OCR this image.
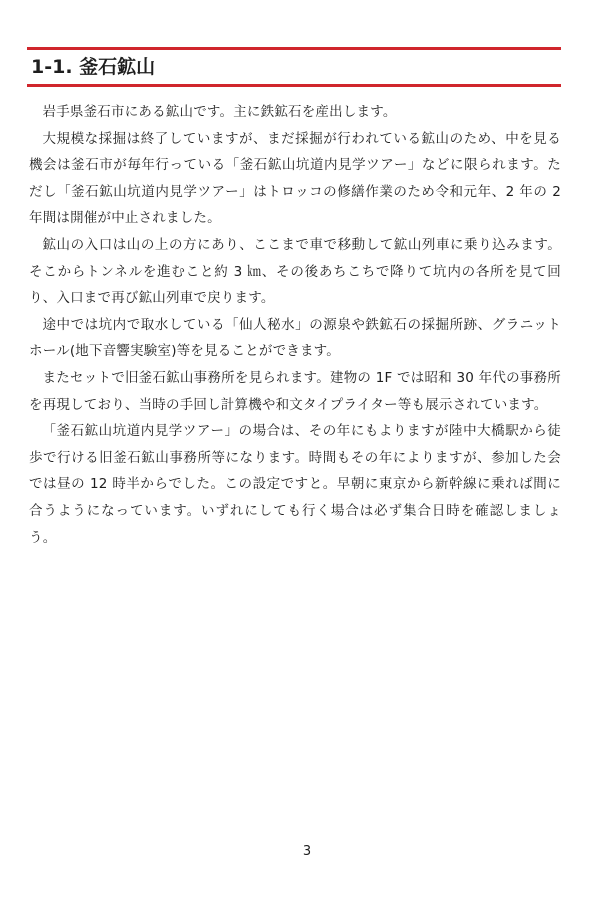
1-1. 釜石鉱山

岩手県釜石市にある鉱山です。主に鉄鉱石を産出します。

大規模な採掘は終了していますが、まだ採掘が行われている鉱山のため、中を見る機会は釜石市が毎年行っている「釜石鉱山坑道内見学ツアー」などに限られます。ただし「釜石鉱山坑道内見学ツアー」はトロッコの修繕作業のため令和元年、2 年の 2 年間は開催が中止されました。

鉱山の入口は山の上の方にあり、ここまで車で移動して鉱山列車に乗り込みます。そこからトンネルを進むこと約 3 ㎞、その後あちこちで降りて坑内の各所を見て回り、入口まで再び鉱山列車で戻ります。

途中では坑内で取水している「仙人秘水」の源泉や鉄鉱石の採掘所跡、グラニットホール(地下音響実験室)等を見ることができます。

またセットで旧釜石鉱山事務所を見られます。建物の 1F では昭和 30 年代の事務所を再現しており、当時の手回し計算機や和文タイプライター等も展示されています。

「釜石鉱山坑道内見学ツアー」の場合は、その年にもよりますが陸中大橋駅から徒歩で行ける旧釜石鉱山事務所等になります。時間もその年によりますが、参加した会では昼の 12 時半からでした。この設定ですと。早朝に東京から新幹線に乗れば間に合うようになっています。いずれにしても行く場合は必ず集合日時を確認しましょう。

3
